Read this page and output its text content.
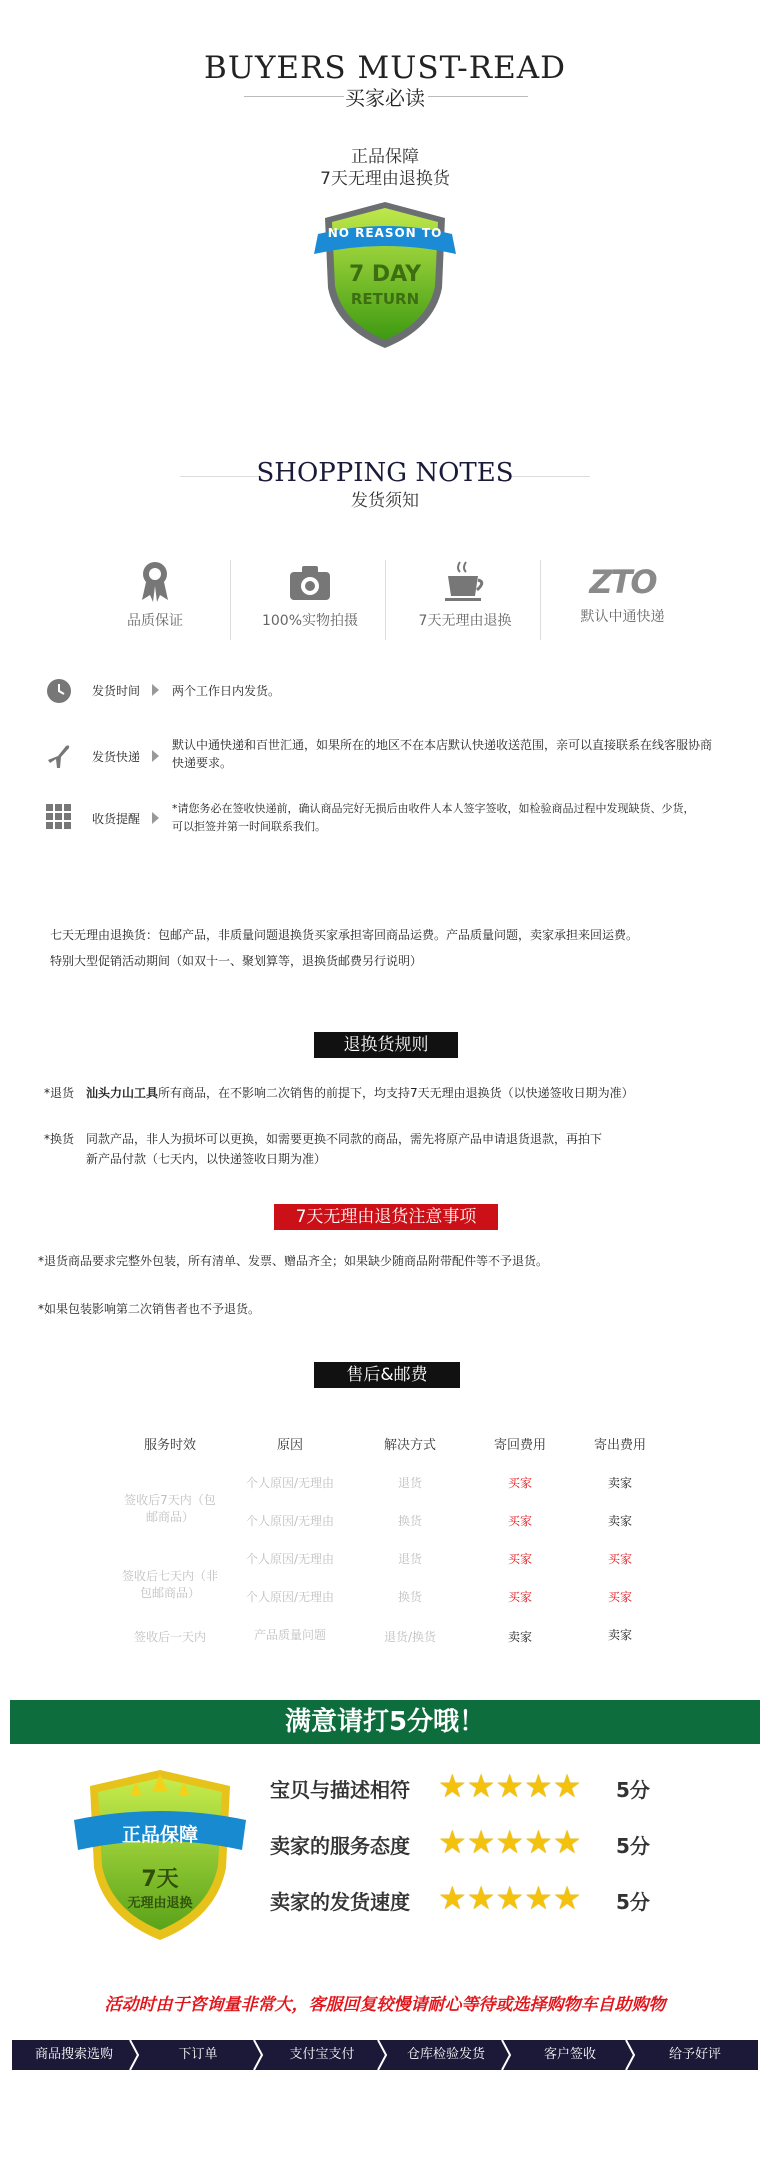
BUYERS MUST-READ
买家必读
正品保障
7天无理由退换货
NO REASON TO
7 DAY
RETURN
SHOPPING NOTES
发货须知
品质保证	100%实物拍摄	7天无理由退换
ZTO
默认中通快递
发货时间	两个工作日内发货。
发货快递
默认中通快递和百世汇通，如果所在的地区不在本店默认快递收送范围，亲可以直接联系在线客服协商快递要求。
收货提醒
*请您务必在签收快递前，确认商品完好无损后由收件人本人签字签收，如检验商品过程中发现缺货、少货，可以拒签并第一时间联系我们。
七天无理由退换货：包邮产品，非质量问题退换货买家承担寄回商品运费。产品质量问题，卖家承担来回运费。
特别大型促销活动期间（如双十一、聚划算等，退换货邮费另行说明）
退换货规则
*退货 汕头力山工具所有商品，在不影响二次销售的前提下，均支持7天无理由退换货（以快递签收日期为准）
*换货 同款产品，非人为损坏可以更换，如需要更换不同款的商品，需先将原产品申请退货退款，再拍下
新产品付款（七天内，以快递签收日期为准）
7天无理由退货注意事项
*退货商品要求完整外包装，所有清单、发票、赠品齐全；如果缺少随商品附带配件等不予退货。
*如果包装影响第二次销售者也不予退货。
售后&邮费
服务时效	原因	解决方式	寄回费用	寄出费用
签收后7天内（包邮商品）
个人原因/无理由	退货	买家	卖家
个人原因/无理由	换货	买家	卖家
签收后七天内（非包邮商品）
个人原因/无理由	退货	买家	买家
个人原因/无理由	换货	买家	买家
签收后一天内	产品质量问题	退货/换货	卖家	卖家
满意请打5分哦！
正品保障
7天
无理由退换
宝贝与描述相符 ★★★★★ 5分
卖家的服务态度 ★★★★★ 5分
卖家的发货速度 ★★★★★ 5分
活动时由于咨询量非常大，客服回复较慢请耐心等待或选择购物车自助购物
商品搜索选购	下订单	支付宝支付	仓库检验发货	客户签收	给予好评
